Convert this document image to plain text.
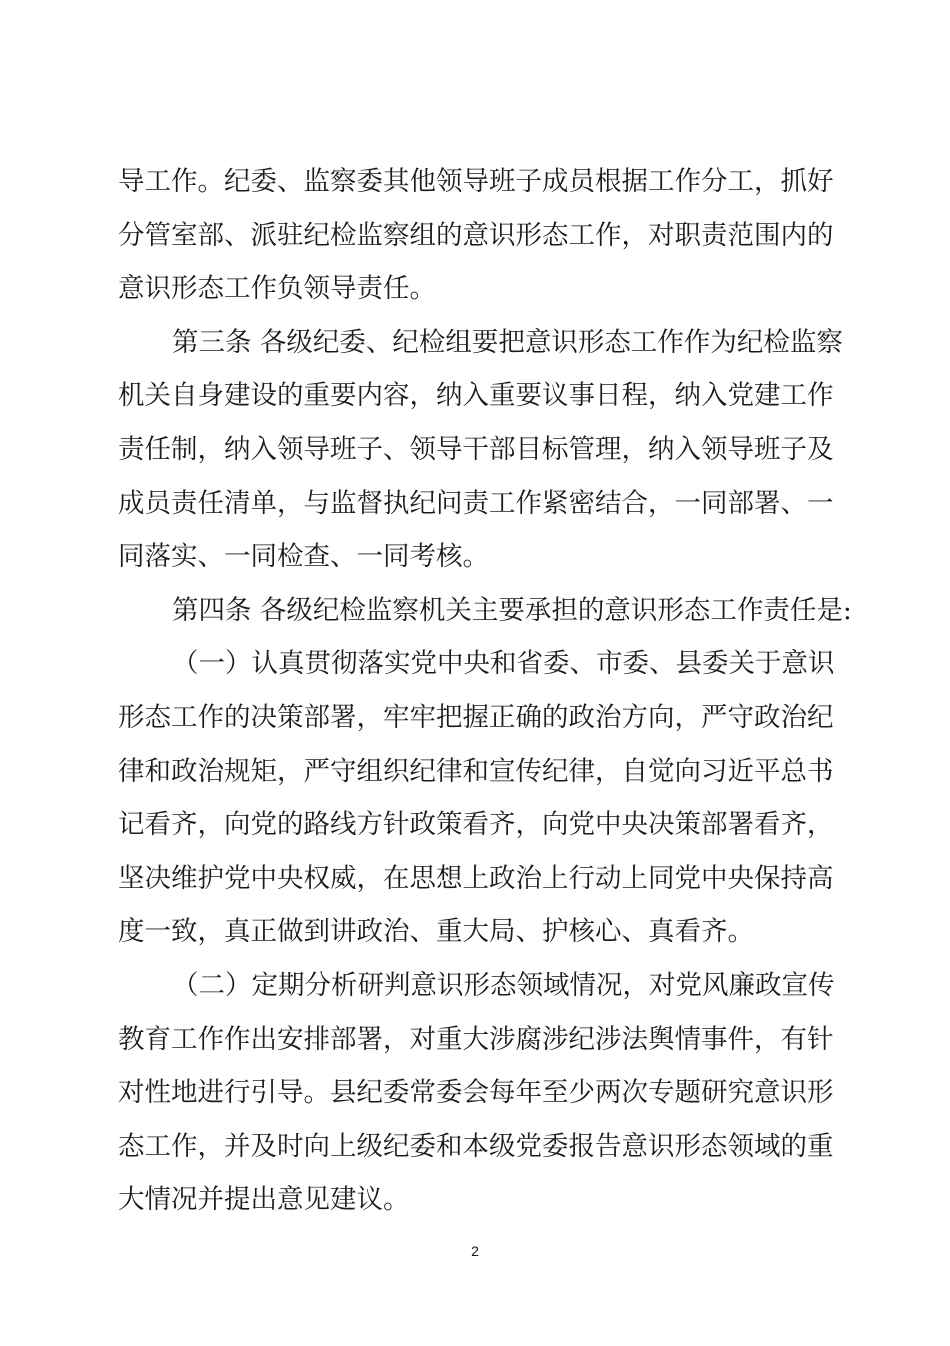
导工作。纪委、监察委其他领导班子成员根据工作分工，抓好
分管室部、派驻纪检监察组的意识形态工作，对职责范围内的
意识形态工作负领导责任。
第三条 各级纪委、纪检组要把意识形态工作作为纪检监察
机关自身建设的重要内容，纳入重要议事日程，纳入党建工作
责任制，纳入领导班子、领导干部目标管理，纳入领导班子及
成员责任清单，与监督执纪问责工作紧密结合，一同部署、一
同落实、一同检查、一同考核。
第四条 各级纪检监察机关主要承担的意识形态工作责任是:
（一）认真贯彻落实党中央和省委、市委、县委关于意识
形态工作的决策部署，牢牢把握正确的政治方向，严守政治纪
律和政治规矩，严守组织纪律和宣传纪律，自觉向习近平总书
记看齐，向党的路线方针政策看齐，向党中央决策部署看齐，
坚决维护党中央权威，在思想上政治上行动上同党中央保持高
度一致，真正做到讲政治、重大局、护核心、真看齐。
（二）定期分析研判意识形态领域情况，对党风廉政宣传
教育工作作出安排部署，对重大涉腐涉纪涉法舆情事件，有针
对性地进行引导。县纪委常委会每年至少两次专题研究意识形
态工作，并及时向上级纪委和本级党委报告意识形态领域的重
大情况并提出意见建议。
2
